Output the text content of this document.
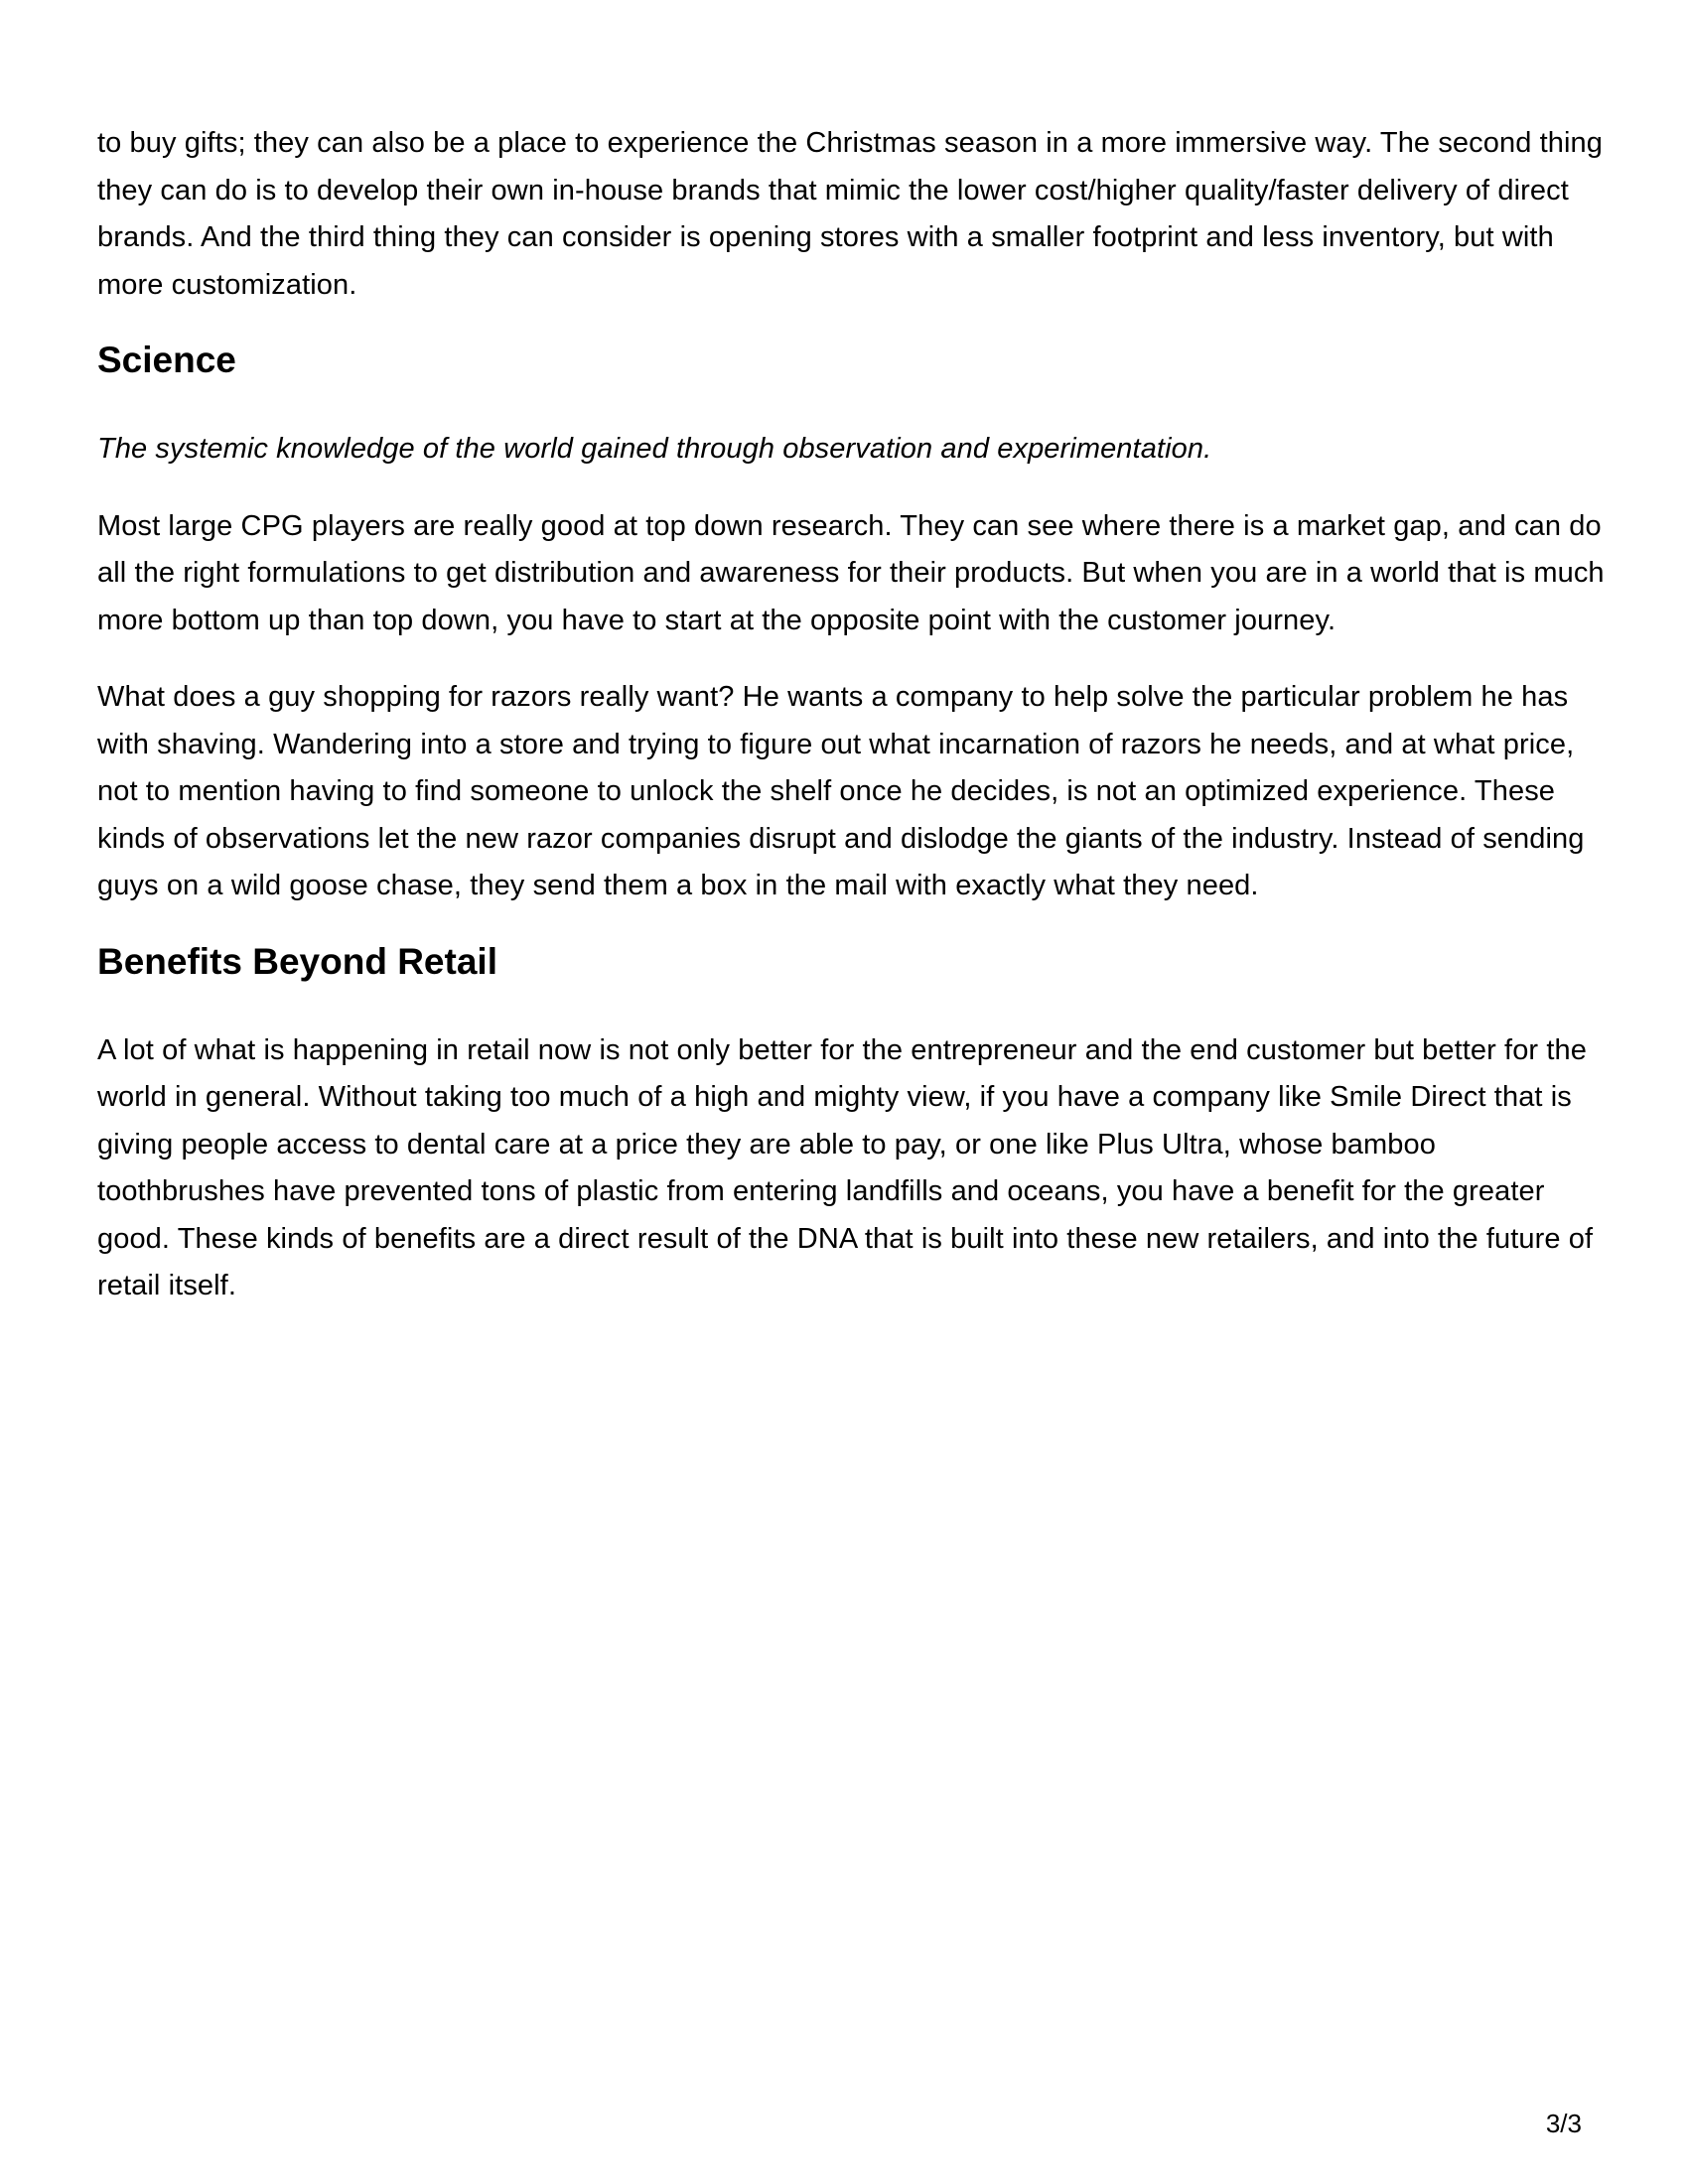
to buy gifts; they can also be a place to experience the Christmas season in a more immersive way. The second thing they can do is to develop their own in-house brands that mimic the lower cost/higher quality/faster delivery of direct brands. And the third thing they can consider is opening stores with a smaller footprint and less inventory, but with more customization.

Science

The systemic knowledge of the world gained through observation and experimentation.

Most large CPG players are really good at top down research. They can see where there is a market gap, and can do all the right formulations to get distribution and awareness for their products. But when you are in a world that is much more bottom up than top down, you have to start at the opposite point with the customer journey.

What does a guy shopping for razors really want? He wants a company to help solve the particular problem he has with shaving. Wandering into a store and trying to figure out what incarnation of razors he needs, and at what price, not to mention having to find someone to unlock the shelf once he decides, is not an optimized experience. These kinds of observations let the new razor companies disrupt and dislodge the giants of the industry. Instead of sending guys on a wild goose chase, they send them a box in the mail with exactly what they need.

Benefits Beyond Retail

A lot of what is happening in retail now is not only better for the entrepreneur and the end customer but better for the world in general. Without taking too much of a high and mighty view, if you have a company like Smile Direct that is giving people access to dental care at a price they are able to pay, or one like Plus Ultra, whose bamboo toothbrushes have prevented tons of plastic from entering landfills and oceans, you have a benefit for the greater good. These kinds of benefits are a direct result of the DNA that is built into these new retailers, and into the future of retail itself.

3/3
